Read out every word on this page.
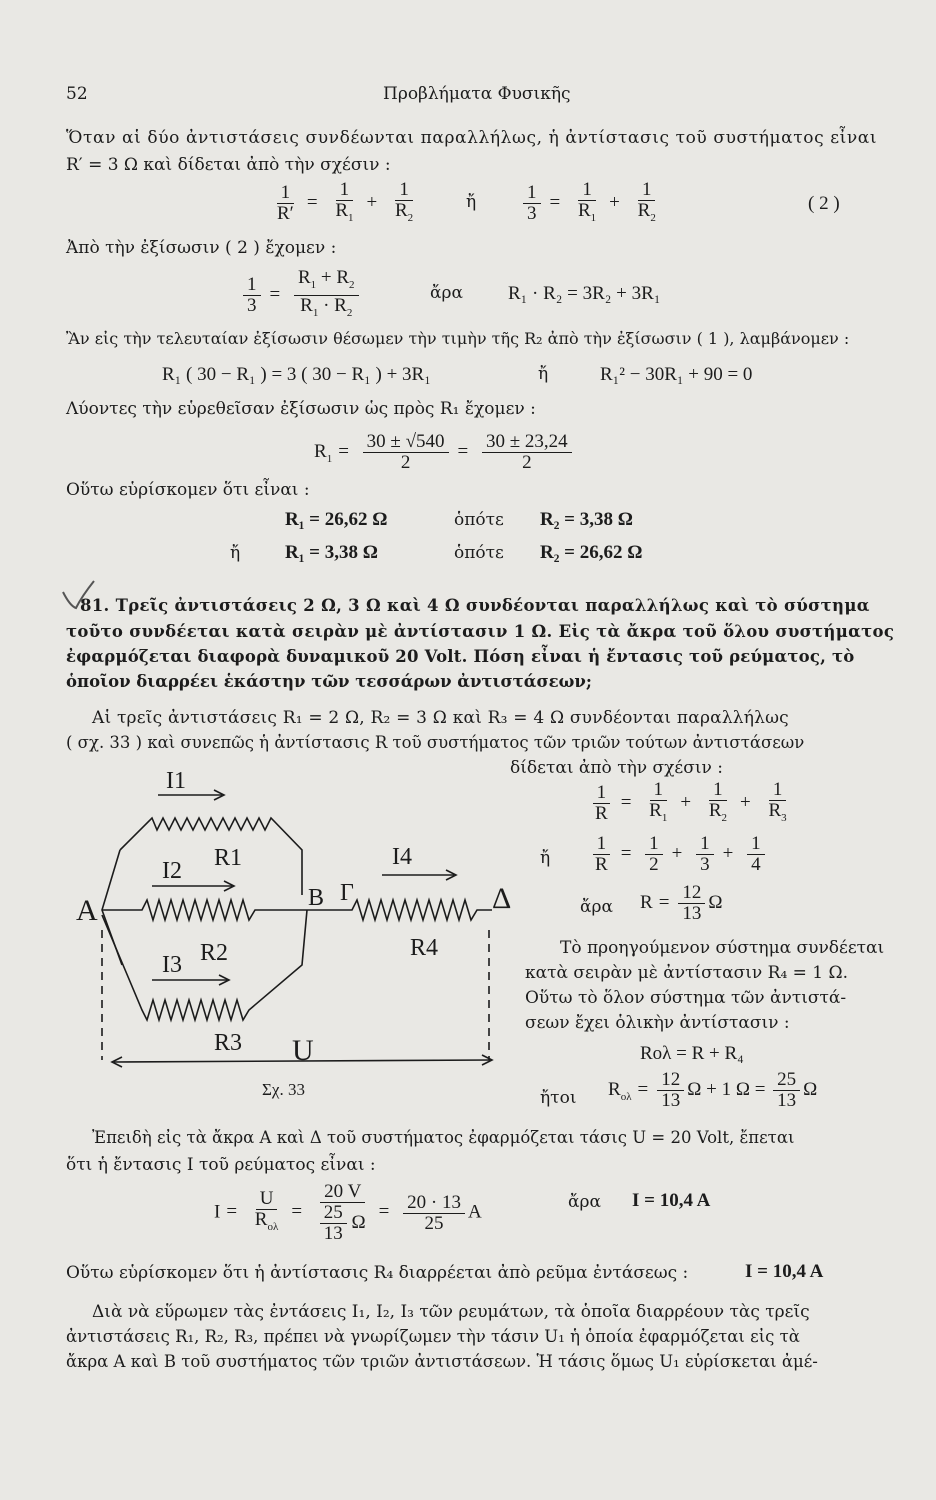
52	Προβλήματα Φυσικῆς
Ὅταν αἱ δύο ἀντιστάσεις συνδέωνται παραλλήλως, ἡ ἀντίστασις τοῦ συστήματος εἶναι
R′ = 3 Ω καὶ δίδεται ἀπὸ τὴν σχέσιν :
$\frac{1}{R'} = \frac{1}{R_1} + \frac{1}{R_2}$	ἤ $\frac{1}{3} = \frac{1}{R_1} + \frac{1}{R_2}$	( 2 )
Ἀπὸ τὴν ἐξίσωσιν ( 2 ) ἔχομεν :
$\frac{1}{3} = \frac{R_1 + R_2}{R_1 \cdot R_2}$	ἄρα R₁ · R₂ = 3R₂ + 3R₁
Ἂν εἰς τὴν τελευταίαν ἐξίσωσιν θέσωμεν τὴν τιμὴν τῆς R₂ ἀπὸ τὴν ἐξίσωσιν ( 1 ), λαμβάνομεν :
R₁ ( 30 − R₁ ) = 3 ( 30 − R₁ ) + 3R₁	ἤ	R₁² − 30R₁ + 90 = 0
Λύοντες τὴν εὑρεθεῖσαν ἐξίσωσιν ὡς πρὸς R₁ ἔχομεν :
$R_1 = \frac{30 \pm √540}{2} = \frac{30 \pm 23,24}{2}$
Οὕτω εὑρίσκομεν ὅτι εἶναι :
R₁ = 26,62 Ω	ὁπότε R₂ = 3,38 Ω
ἤ R₁ = 3,38 Ω	ὁπότε R₂ = 26,62 Ω
81. Τρεῖς ἀντιστάσεις 2 Ω, 3 Ω καὶ 4 Ω συνδέονται παραλλήλως καὶ τὸ σύστημα
τοῦτο συνδέεται κατὰ σειρὰν μὲ ἀντίστασιν 1 Ω. Εἰς τὰ ἄκρα τοῦ ὅλου συστήματος
ἐφαρμόζεται διαφορὰ δυναμικοῦ 20 Volt. Πόση εἶναι ἡ ἔντασις τοῦ ρεύματος, τὸ
ὁποῖον διαρρέει ἑκάστην τῶν τεσσάρων ἀντιστάσεων;
Αἱ τρεῖς ἀντιστάσεις R₁ = 2 Ω, R₂ = 3 Ω καὶ R₃ = 4 Ω συνδέονται παραλλήλως
( σχ. 33 ) καὶ συνεπῶς ἡ ἀντίστασις R τοῦ συστήματος τῶν τριῶν τούτων ἀντιστάσεων
δίδεται ἀπὸ τὴν σχέσιν :
$\frac{1}{R} = \frac{1}{R_1} + \frac{1}{R_2} + \frac{1}{R_3}$
ἤ $\frac{1}{R} = \frac{1}{2} + \frac{1}{3} + \frac{1}{4}$
ἄρα $R = \frac{12}{13}$ Ω
Τὸ προηγούμενον σύστημα συνδέεται
κατὰ σειρὰν μὲ ἀντίστασιν R₄ = 1 Ω.
Οὕτω τὸ ὅλον σύστημα τῶν ἀντιστά-
σεων ἔχει ὁλικὴν ἀντίστασιν :
Rολ = R + R₄
ἤτοι $R_{o\lambda} = \frac{12}{13}$ Ω + 1 $\Omega = \frac{25}{13}$ Ω
I1
R1
I2
B Γ
I4
Δ
A
R2	R4
I3
R3 U
Σχ. 33
Ἐπειδὴ εἰς τὰ ἄκρα Α καὶ Δ τοῦ συστήματος ἐφαρμόζεται τάσις U = 20 Volt, ἔπεται
ὅτι ἡ ἔντασις I τοῦ ρεύματος εἶναι :
$I = \frac{U}{R_{o\lambda}} = \frac{20 V}{\frac{25}{13} \Omega} = \frac{20 \cdot 13}{25}$ A	ἄρα I = 10,4 A
Οὕτω εὑρίσκομεν ὅτι ἡ ἀντίστασις R₄ διαρρέεται ἀπὸ ρεῦμα ἐντάσεως :	I = 10,4 A
Διὰ νὰ εὕρωμεν τὰς ἐντάσεις I₁, I₂, I₃ τῶν ρευμάτων, τὰ ὁποῖα διαρρέουν τὰς τρεῖς
ἀντιστάσεις R₁, R₂, R₃, πρέπει νὰ γνωρίζωμεν τὴν τάσιν U₁ ἡ ὁποία ἐφαρμόζεται εἰς τὰ
ἄκρα Α καὶ Β τοῦ συστήματος τῶν τριῶν ἀντιστάσεων. Ἡ τάσις ὅμως U₁ εὑρίσκεται ἀμέ-
